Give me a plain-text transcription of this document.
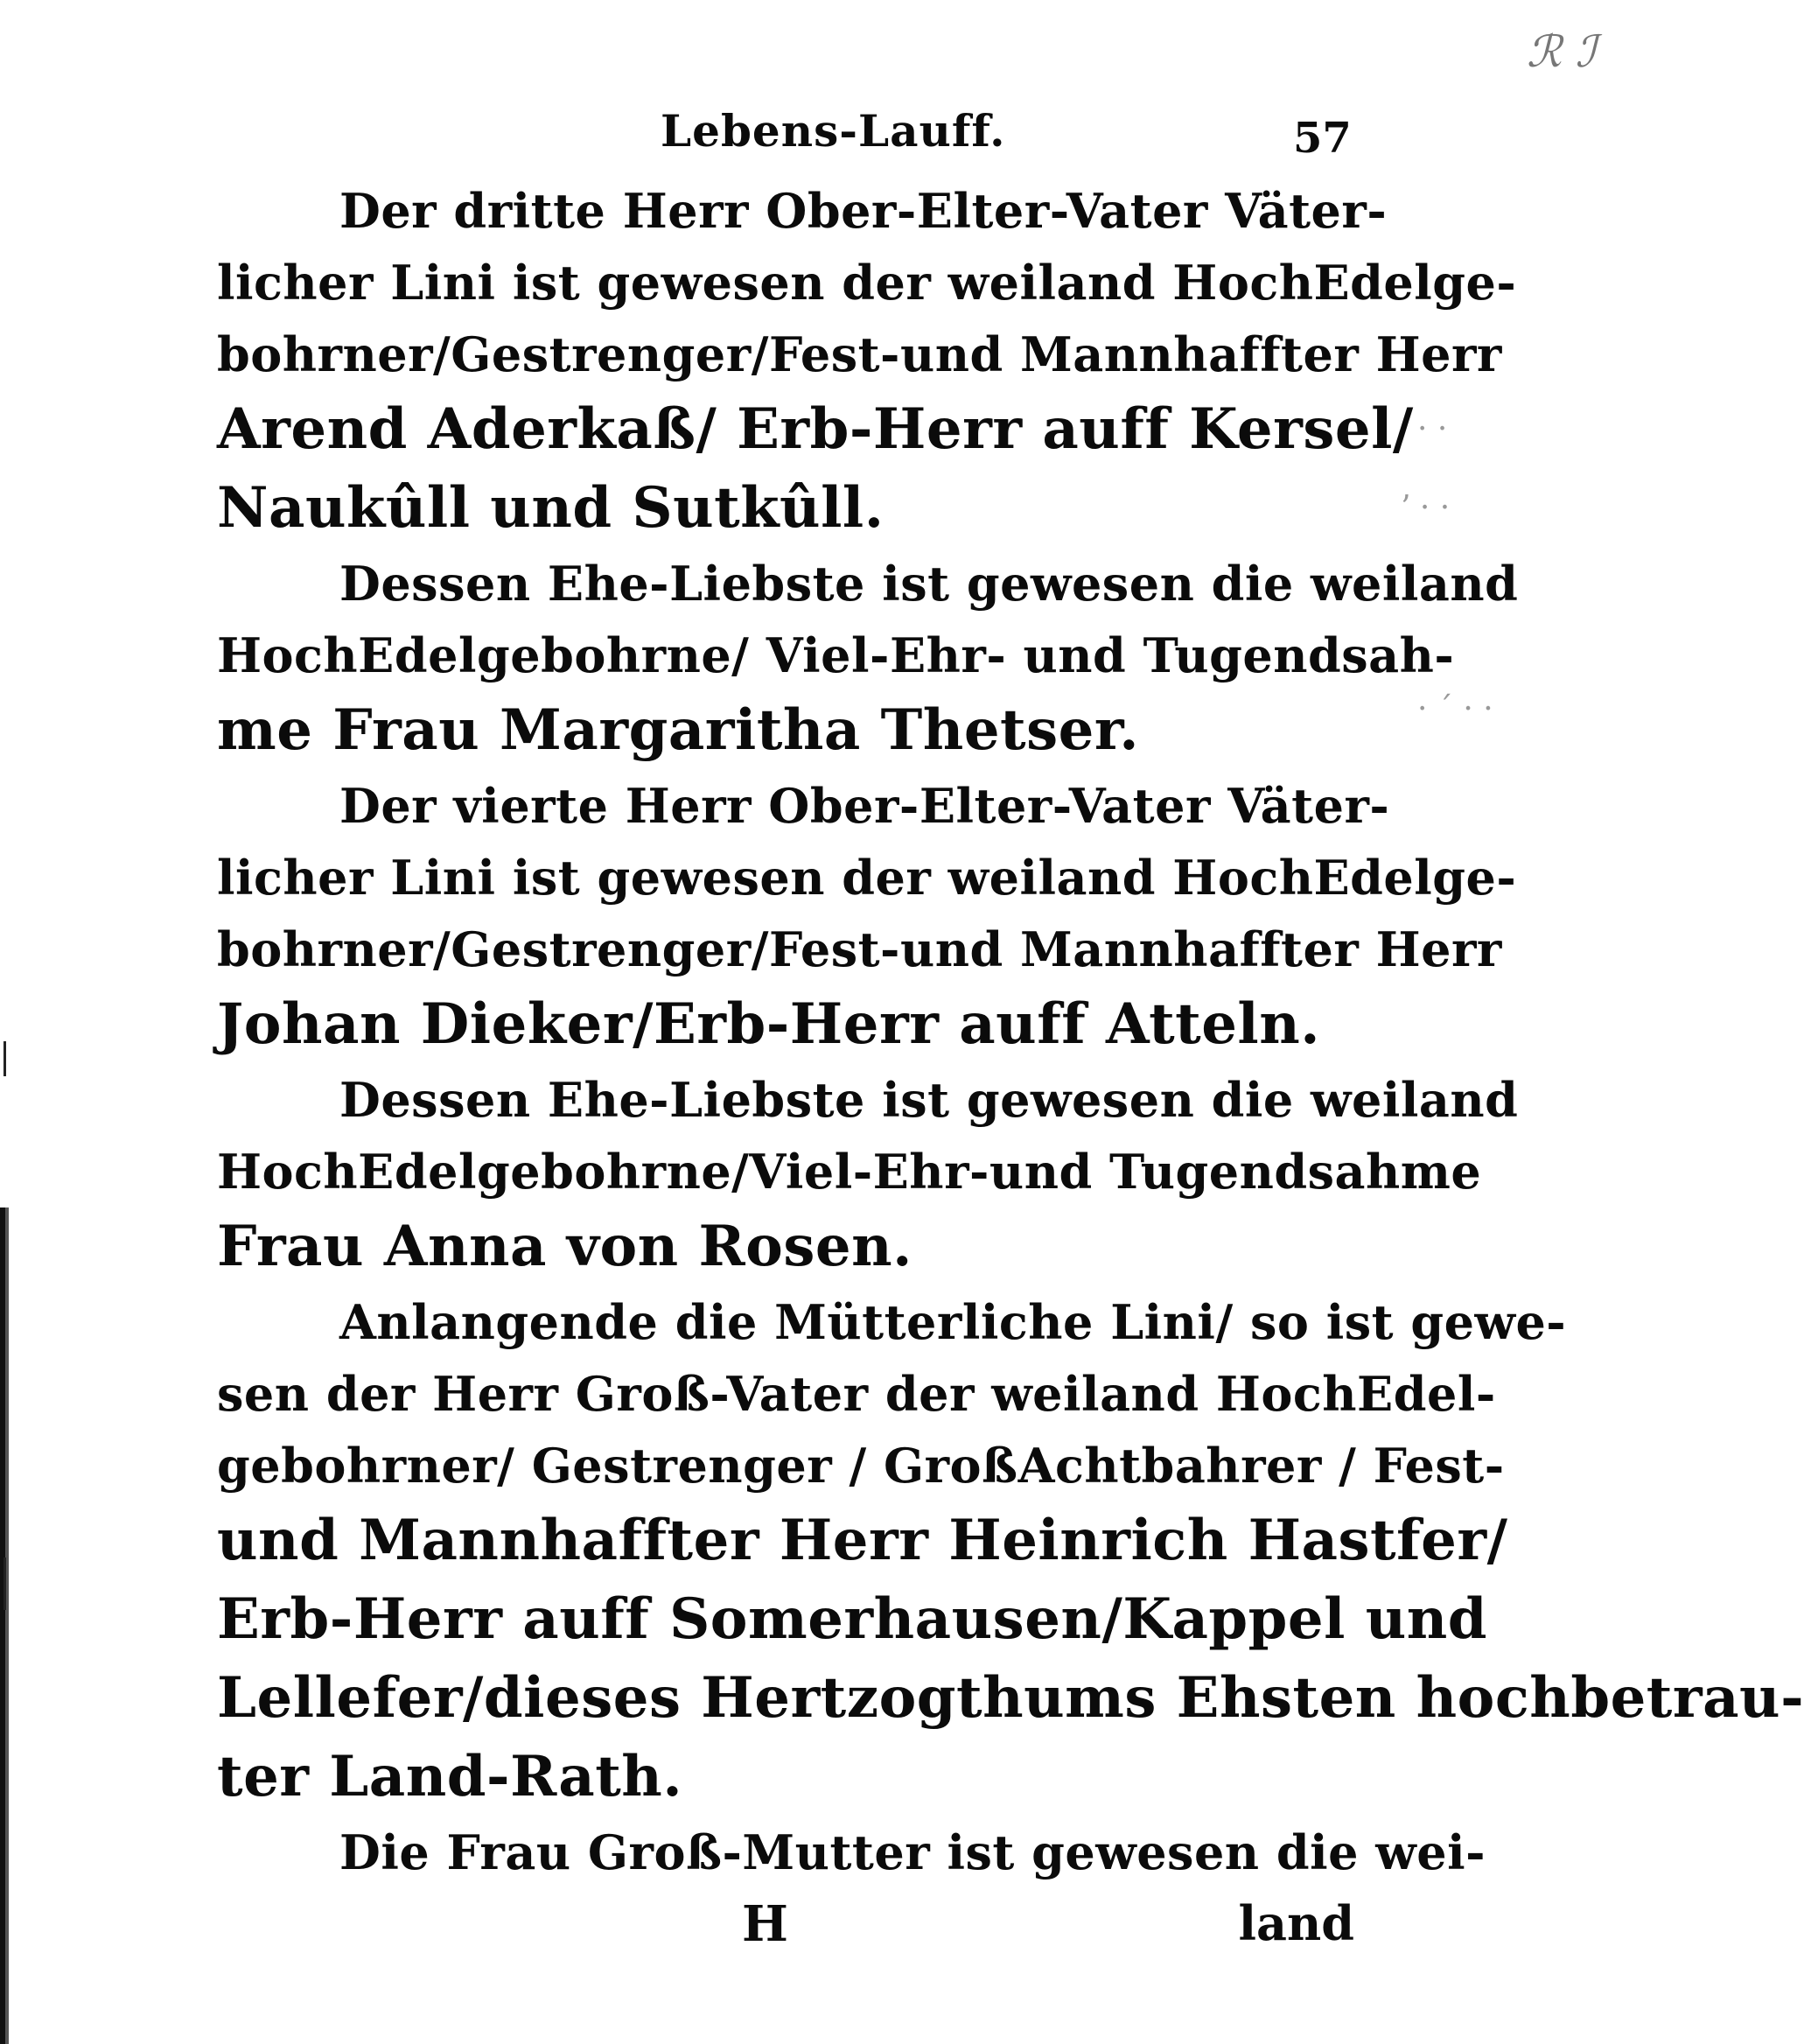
ℛ ℐ
· ·
ʼ · ·
· ˊ · ·
Lebens-Lauff.	57
Der dritte Herr Ober-Elter-Vater Väter-
licher Lini ist gewesen der weiland HochEdelge-
bohrner/Gestrenger/Fest-und Mannhaffter Herr
Arend Aderkaß/ Erb-Herr auff Kersel/
Naukûll und Sutkûll.
Dessen Ehe-Liebste ist gewesen die weiland
HochEdelgebohrne/ Viel-Ehr- und Tugendsah-
me Frau Margaritha Thetser.
Der vierte Herr Ober-Elter-Vater Väter-
licher Lini ist gewesen der weiland HochEdelge-
bohrner/Gestrenger/Fest-und Mannhaffter Herr
Johan Dieker/Erb-Herr auff Atteln.
Dessen Ehe-Liebste ist gewesen die weiland
HochEdelgebohrne/Viel-Ehr-und Tugendsahme
Frau Anna von Rosen.
Anlangende die Mütterliche Lini/ so ist gewe-
sen der Herr Groß-Vater der weiland HochEdel-
gebohrner/ Gestrenger / GroßAchtbahrer / Fest-
und Mannhaffter Herr Heinrich Hastfer/
Erb-Herr auff Somerhausen/Kappel und
Lellefer/dieses Hertzogthums Ehsten hochbetrau-
ter Land-Rath.
Die Frau Groß-Mutter ist gewesen die wei-
H	land
